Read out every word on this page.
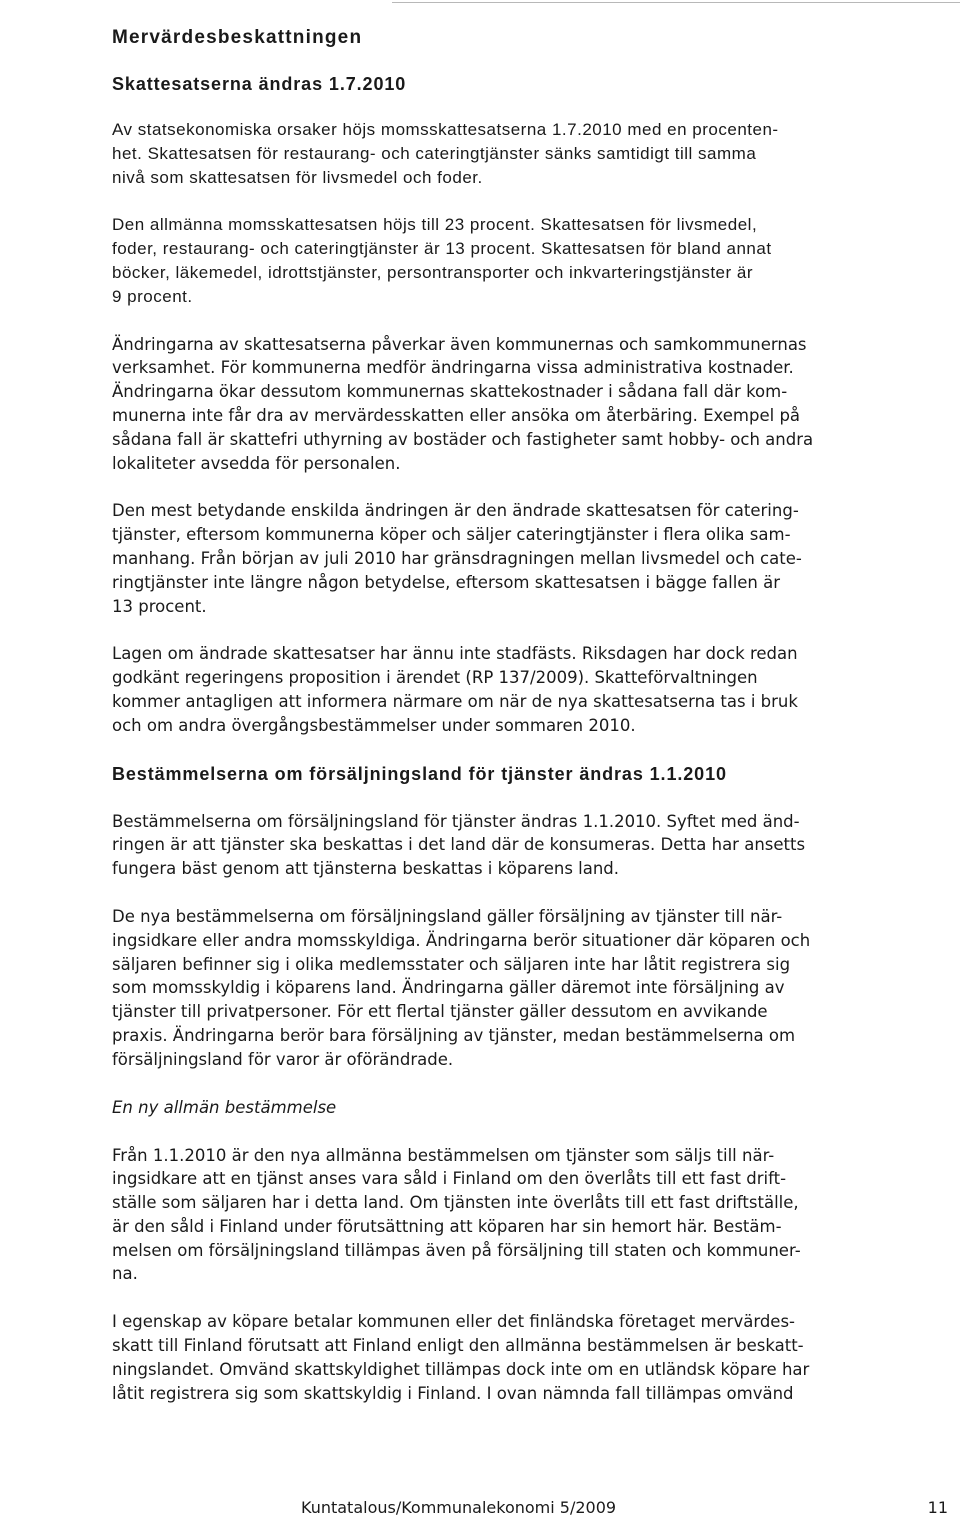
Mervärdesbeskattningen
Skattesatserna ändras 1.7.2010

Av statsekonomiska orsaker höjs momsskattesatserna 1.7.2010 med en procenten-
het. Skattesatsen för restaurang- och cateringtjänster sänks samtidigt till samma
nivå som skattesatsen för livsmedel och foder.

Den allmänna momsskattesatsen höjs till 23 procent. Skattesatsen för livsmedel,
foder, restaurang- och cateringtjänster är 13 procent. Skattesatsen för bland annat
böcker, läkemedel, idrottstjänster, persontransporter och inkvarteringstjänster är
9 procent.

Ändringarna av skattesatserna påverkar även kommunernas och samkommunernas
verksamhet. För kommunerna medför ändringarna vissa administrativa kostnader.
Ändringarna ökar dessutom kommunernas skattekostnader i sådana fall där kom-
munerna inte får dra av mervärdesskatten eller ansöka om återbäring. Exempel på
sådana fall är skattefri uthyrning av bostäder och fastigheter samt hobby- och andra
lokaliteter avsedda för personalen.

Den mest betydande enskilda ändringen är den ändrade skattesatsen för catering-
tjänster, eftersom kommunerna köper och säljer cateringtjänster i flera olika sam-
manhang. Från början av juli 2010 har gränsdragningen mellan livsmedel och cate-
ringtjänster inte längre någon betydelse, eftersom skattesatsen i bägge fallen är
13 procent.

Lagen om ändrade skattesatser har ännu inte stadfästs. Riksdagen har dock redan
godkänt regeringens proposition i ärendet (RP 137/2009). Skatteförvaltningen
kommer antagligen att informera närmare om när de nya skattesatserna tas i bruk
och om andra övergångsbestämmelser under sommaren 2010.

Bestämmelserna om försäljningsland för tjänster ändras 1.1.2010

Bestämmelserna om försäljningsland för tjänster ändras 1.1.2010. Syftet med änd-
ringen är att tjänster ska beskattas i det land där de konsumeras. Detta har ansetts
fungera bäst genom att tjänsterna beskattas i köparens land.

De nya bestämmelserna om försäljningsland gäller försäljning av tjänster till när-
ingsidkare eller andra momsskyldiga. Ändringarna berör situationer där köparen och
säljaren befinner sig i olika medlemsstater och säljaren inte har låtit registrera sig
som momsskyldig i köparens land. Ändringarna gäller däremot inte försäljning av
tjänster till privatpersoner. För ett flertal tjänster gäller dessutom en avvikande
praxis. Ändringarna berör bara försäljning av tjänster, medan bestämmelserna om
försäljningsland för varor är oförändrade.

En ny allmän bestämmelse

Från 1.1.2010 är den nya allmänna bestämmelsen om tjänster som säljs till när-
ingsidkare att en tjänst anses vara såld i Finland om den överlåts till ett fast drift-
ställe som säljaren har i detta land. Om tjänsten inte överlåts till ett fast driftställe,
är den såld i Finland under förutsättning att köparen har sin hemort här. Bestäm-
melsen om försäljningsland tillämpas även på försäljning till staten och kommuner-
na.

I egenskap av köpare betalar kommunen eller det finländska företaget mervärdes-
skatt till Finland förutsatt att Finland enligt den allmänna bestämmelsen är beskatt-
ningslandet. Omvänd skattskyldighet tillämpas dock inte om en utländsk köpare har
låtit registrera sig som skattskyldig i Finland. I ovan nämnda fall tillämpas omvänd

Kuntatalous/Kommunalekonomi 5/2009	11
